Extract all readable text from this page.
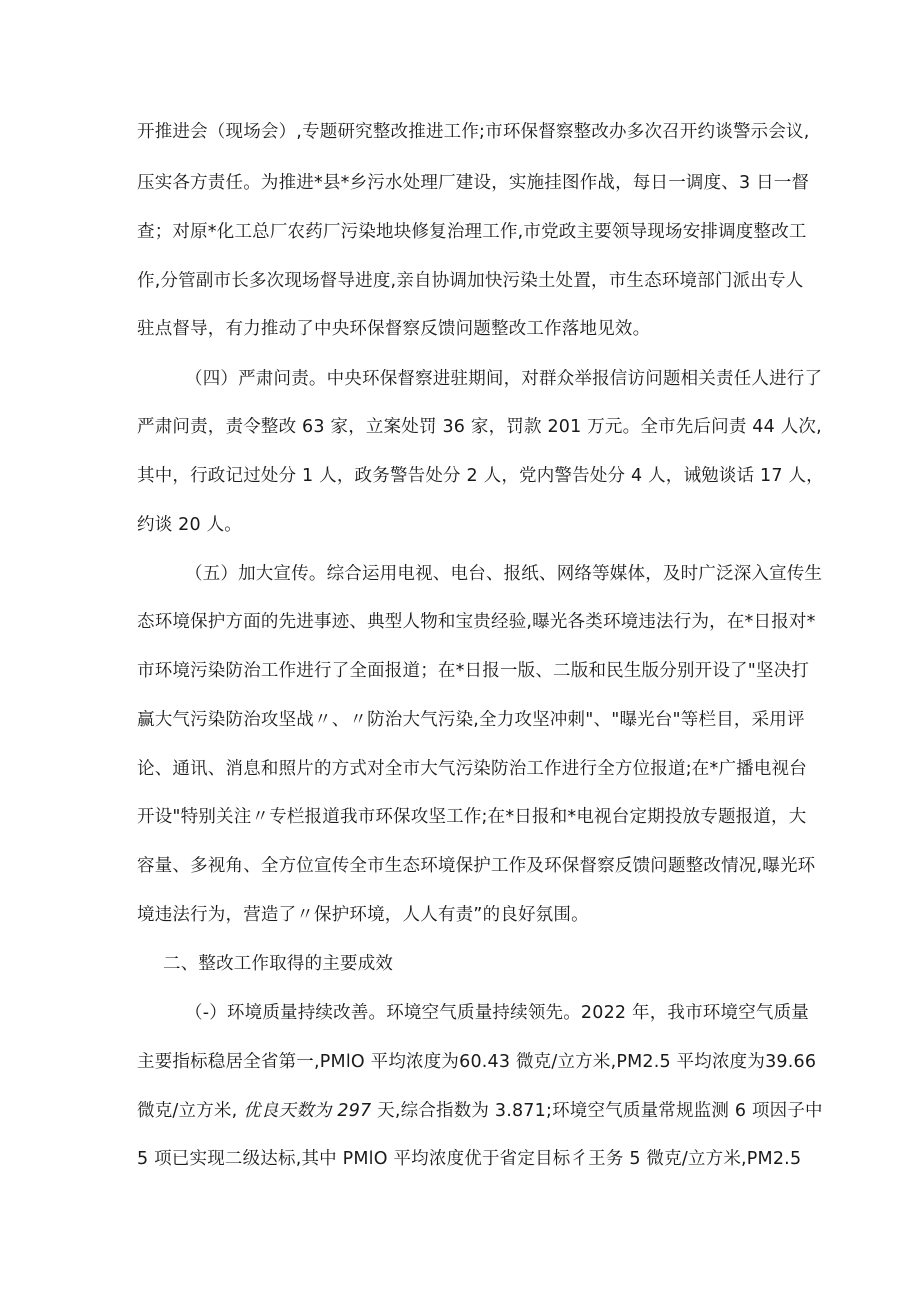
开推进会（现场会）,专题研究整改推进工作;市环保督察整改办多次召开约谈警示会议,
压实各方责任。为推进*县*乡污水处理厂建设，实施挂图作战，每日一调度、3 日一督
查；对原*化工总厂农药厂污染地块修复治理工作,市党政主要领导现场安排调度整改工
作,分管副市长多次现场督导进度,亲自协调加快污染土处置，市生态环境部门派出专人
驻点督导，有力推动了中央环保督察反馈问题整改工作落地见效。
（四）严肃问责。中央环保督察进驻期间，对群众举报信访问题相关责任人进行了
严肃问责，责令整改 63 家，立案处罚 36 家，罚款 201 万元。全市先后问责 44 人次,
其中，行政记过处分 1 人，政务警告处分 2 人，党内警告处分 4 人，诫勉谈话 17 人，
约谈 20 人。
（五）加大宣传。综合运用电视、电台、报纸、网络等媒体，及时广泛深入宣传生
态环境保护方面的先进事迹、典型人物和宝贵经验,曝光各类环境违法行为，在*日报对*
市环境污染防治工作进行了全面报道；在*日报一版、二版和民生版分别开设了"坚决打
赢大气污染防治攻坚战〃、〃防治大气污染,全力攻坚冲刺"、"曝光台"等栏目，采用评
论、通讯、消息和照片的方式对全市大气污染防治工作进行全方位报道;在*广播电视台
开设"特别关注〃专栏报道我市环保攻坚工作;在*日报和*电视台定期投放专题报道，大
容量、多视角、全方位宣传全市生态环境保护工作及环保督察反馈问题整改情况,曝光环
境违法行为，营造了〃保护环境，人人有责”的良好氛围。
二、整改工作取得的主要成效
（-）环境质量持续改善。环境空气质量持续领先。2022 年，我市环境空气质量
主要指标稳居全省第一,PMlO 平均浓度为60.43 微克/立方米,PM2.5 平均浓度为39.66
微克/立方米, 优良天数为 297 天,综合指数为 3.871;环境空气质量常规监测 6 项因子中
5 项已实现二级达标,其中 PMlO 平均浓度优于省定目标彳王务 5 微克/立方米,PM2.5
